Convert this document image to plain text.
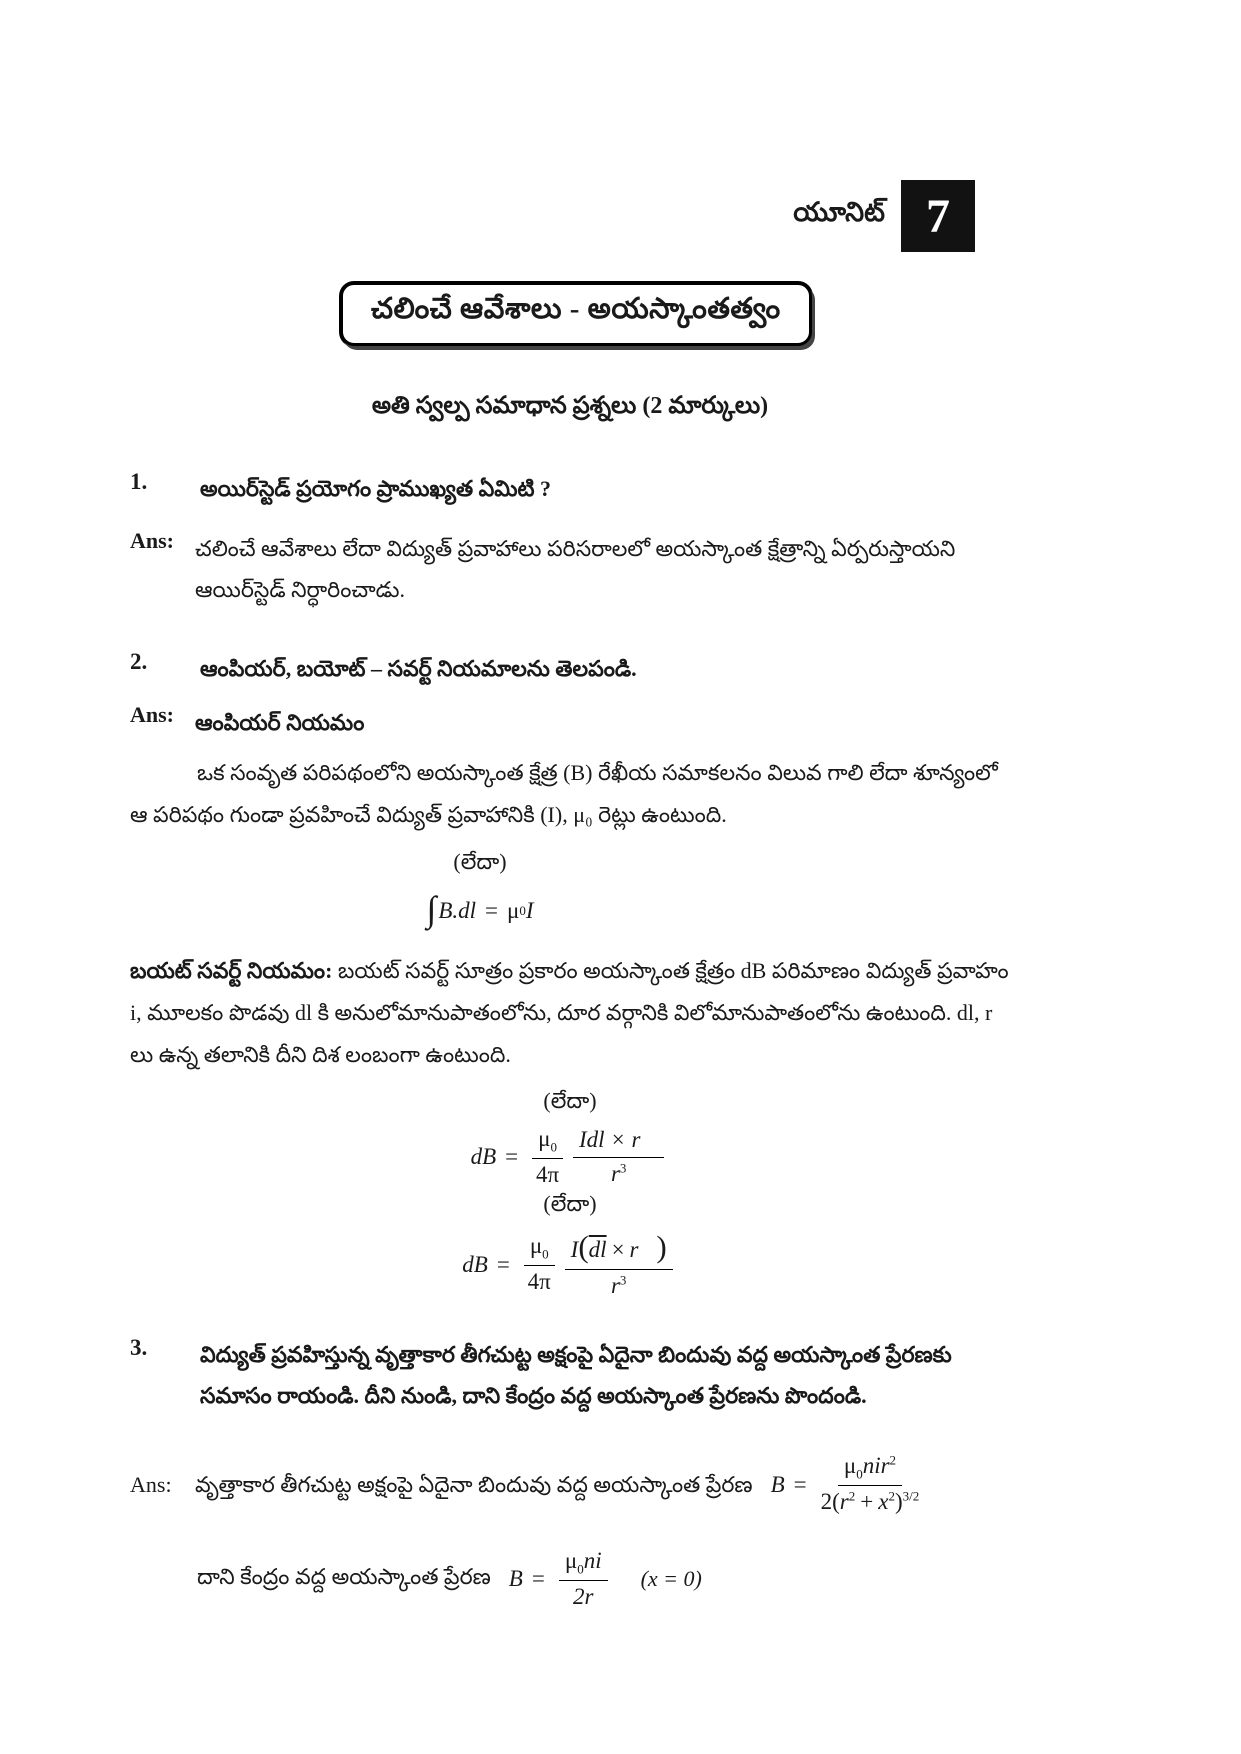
యూనిట్ 7
చలించే ఆవేశాలు - అయస్కాంతత్వం
అతి స్వల్ప సమాధాన ప్రశ్నలు (2 మార్కులు)
1.	అయిర్‌స్టెడ్ ప్రయోగం ప్రాముఖ్యత ఏమిటి ?
Ans: చలించే ఆవేశాలు లేదా విద్యుత్ ప్రవాహాలు పరిసరాలలో అయస్కాంత క్షేత్రాన్ని ఏర్పరుస్తాయని ఆయిర్‌స్టెడ్ నిర్ధారించాడు.
2.	ఆంపియర్, బయోట్ – సవర్ట్ నియమాలను తెలపండి.
Ans: ఆంపియర్ నియమం
ఒక సంవృత పరిపథంలోని అయస్కాంత క్షేత్ర (B) రేఖీయ సమాకలనం విలువ గాలి లేదా శూన్యంలో ఆ పరిపథం గుండా ప్రవహించే విద్యుత్ ప్రవాహానికి (I), μ₀ రెట్లు ఉంటుంది.
(లేదా)
∫ B.dl = μ 0 I
బయట్ సవర్ట్ నియమం: బయట్ సవర్ట్ సూత్రం ప్రకారం అయస్కాంత క్షేత్రం dB పరిమాణం విద్యుత్ ప్రవాహం i, మూలకం పొడవు dl కి అనులోమానుపాతంలోను, దూర వర్గానికి విలోమానుపాతంలోను ఉంటుంది. dl, r లు ఉన్న తలానికి దీని దిశ లంబంగా ఉంటుంది.
(లేదా)
dB = $\frac{\mu_0}{4\pi} \frac{\text{Idl × r⃗}}{r^3}$
(లేదా)
dB = $\frac{\mu_0}{4\pi} \frac{I(\overline{dl} \times r⃗)}{r^3}$
3.	విద్యుత్ ప్రవహిస్తున్న వృత్తాకార తీగచుట్ట అక్షంపై ఏదైనా బిందువు వద్ద అయస్కాంత ప్రేరణకు సమాసం రాయండి. దీని నుండి, దాని కేంద్రం వద్ద అయస్కాంత ప్రేరణను పొందండి.
Ans:	వృత్తాకార తీగచుట్ట అక్షంపై ఏదైనా బిందువు వద్ద అయస్కాంత ప్రేరణ $B = \frac{\mu_0nir^2}{2(r^2 + x^2)^{3/2}}$
దాని కేంద్రం వద్ద అయస్కాంత ప్రేరణ $B = \frac{\mu_0ni}{2r} (x = 0)$
